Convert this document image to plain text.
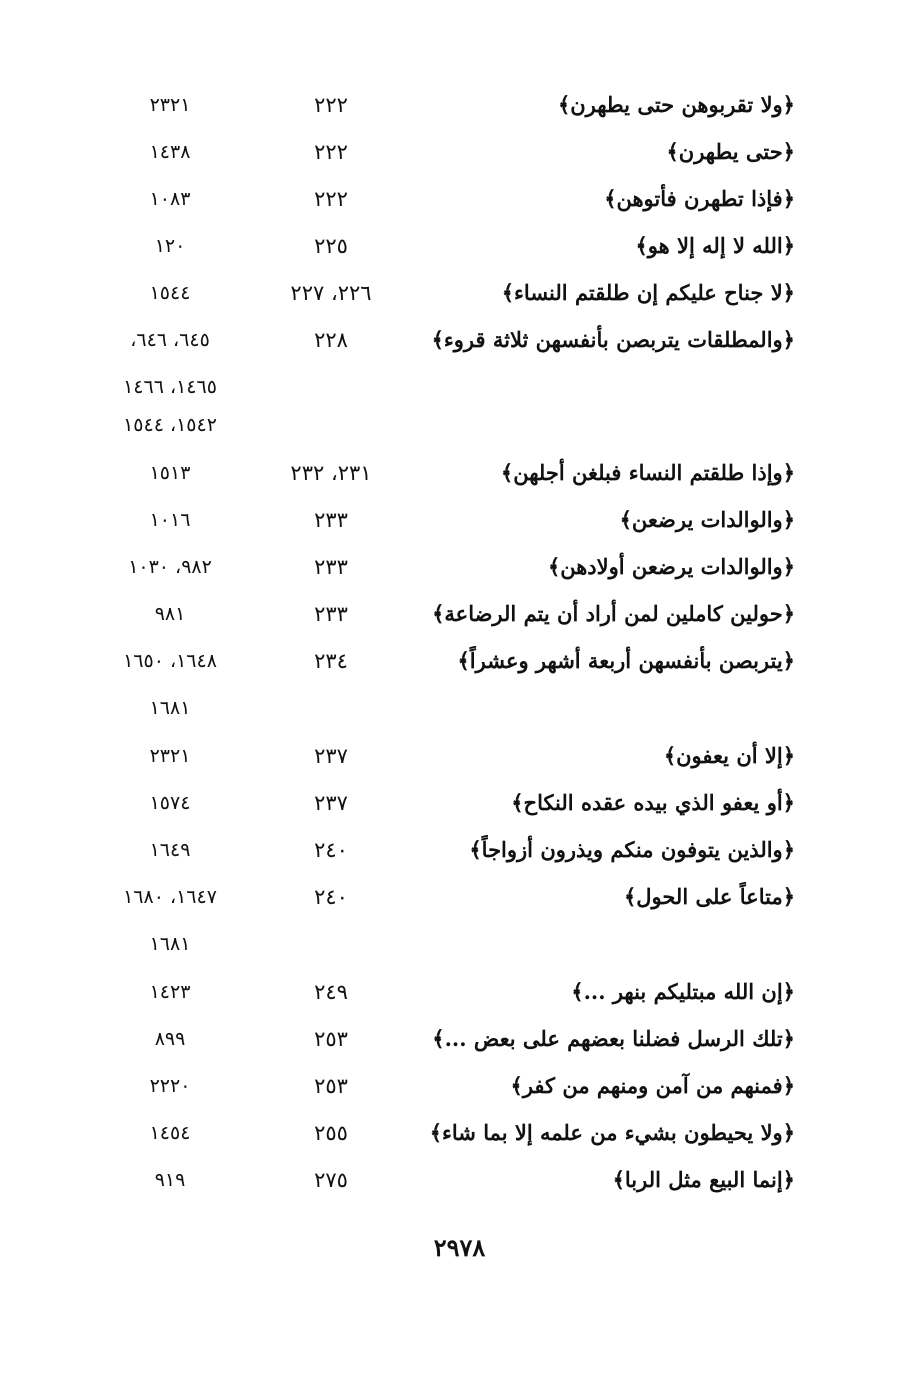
﴿ولا تقربوهن حتى يطهرن﴾
٢٢٢
٢٣٢١
﴿حتى يطهرن﴾
٢٢٢
١٤٣٨
﴿فإذا تطهرن فأتوهن﴾
٢٢٢
١٠٨٣
﴿الله لا إله إلا هو﴾
٢٢٥
١٢٠
﴿لا جناح عليكم إن طلقتم النساء﴾
٢٢٦، ٢٢٧
١٥٤٤
﴿والمطلقات يتربصن بأنفسهن ثلاثة قروء﴾
٢٢٨
٦٤٥، ٦٤٦،
١٤٦٥، ١٤٦٦
١٥٤٢، ١٥٤٤
﴿وإذا طلقتم النساء فبلغن أجلهن﴾
٢٣١، ٢٣٢
١٥١٣
﴿والوالدات يرضعن﴾
٢٣٣
١٠١٦
﴿والوالدات يرضعن أولادهن﴾
٢٣٣
٩٨٢، ١٠٣٠
﴿حولين كاملين لمن أراد أن يتم الرضاعة﴾
٢٣٣
٩٨١
﴿يتربصن بأنفسهن أربعة أشهر وعشراً﴾
٢٣٤
١٦٤٨، ١٦٥٠
١٦٨١
﴿إلا أن يعفون﴾
٢٣٧
٢٣٢١
﴿أو يعفو الذي بيده عقده النكاح﴾
٢٣٧
١٥٧٤
﴿والذين يتوفون منكم ويذرون أزواجاً﴾
٢٤٠
١٦٤٩
﴿متاعاً على الحول﴾
٢٤٠
١٦٤٧، ١٦٨٠
١٦٨١
﴿إن الله مبتليكم بنهر ...﴾
٢٤٩
١٤٢٣
﴿تلك الرسل فضلنا بعضهم على بعض ...﴾
٢٥٣
٨٩٩
﴿فمنهم من آمن ومنهم من كفر﴾
٢٥٣
٢٢٢٠
﴿ولا يحيطون بشيء من علمه إلا بما شاء﴾
٢٥٥
١٤٥٤
﴿إنما البيع مثل الربا﴾
٢٧٥
٩١٩
٢٩٧٨
